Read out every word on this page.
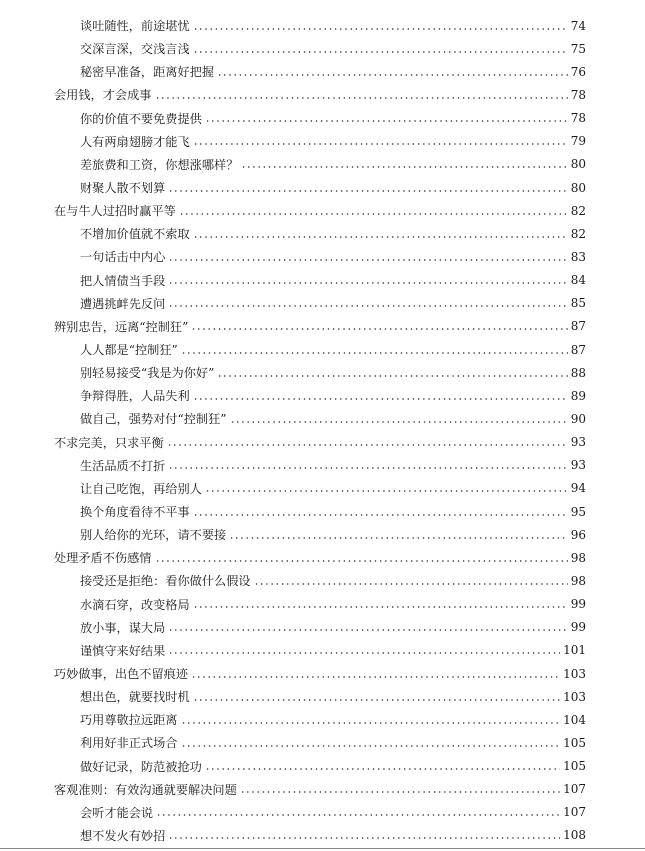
谈吐随性，前途堪忧	74
交深言深，交浅言浅	75
秘密早准备，距离好把握	76
会用钱，才会成事	78
你的价值不要免费提供	78
人有两扇翅膀才能飞	79
差旅费和工资，你想涨哪样？	80
财聚人散不划算	80
在与牛人过招时赢平等	82
不增加价值就不索取	82
一句话击中内心	83
把人情债当手段	84
遭遇挑衅先反问	85
辨别忠告，远离“控制狂”	87
人人都是“控制狂”	87
别轻易接受“我是为你好”	88
争辩得胜，人品失利	89
做自己，强势对付“控制狂”	90
不求完美，只求平衡	93
生活品质不打折	93
让自己吃饱，再给别人	94
换个角度看待不平事	95
别人给你的光环，请不要接	96
处理矛盾不伤感情	98
接受还是拒绝：看你做什么假设	98
水滴石穿，改变格局	99
放小事，谋大局	99
谨慎守来好结果	101
巧妙做事，出色不留痕迹	103
想出色，就要找时机	103
巧用尊敬拉远距离	104
利用好非正式场合	105
做好记录，防范被抢功	105
客观准则：有效沟通就要解决问题	107
会听才能会说	107
想不发火有妙招	108
